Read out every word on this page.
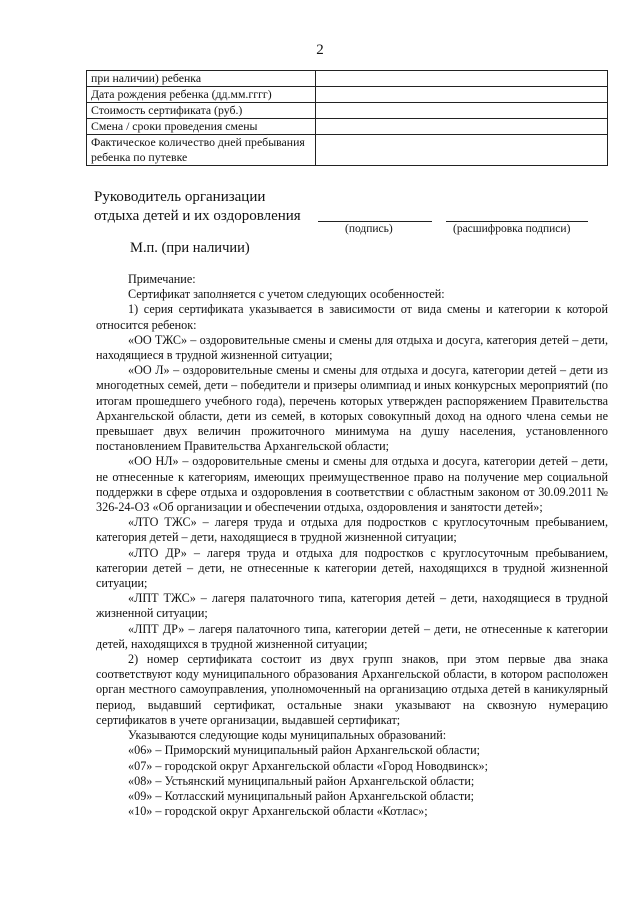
2
при наличии) ребенка	
Дата рождения ребенка (дд.мм.гггг)	
Стоимость сертификата (руб.)	
Смена / сроки проведения смены	
Фактическое количество дней пребывания ребенка по путевке	
Руководитель организации
отдыха детей и их оздоровления
(подпись)	(расшифровка подписи)
М.п. (при наличии)

Примечание:

Сертификат заполняется с учетом следующих особенностей:

1) серия сертификата указывается в зависимости от вида смены и категории к которой относится ребенок:

«ОО ТЖС» – оздоровительные смены и смены для отдыха и досуга, категория детей – дети, находящиеся в трудной жизненной ситуации;

«ОО Л» – оздоровительные смены и смены для отдыха и досуга, категории детей – дети из многодетных семей, дети – победители и призеры олимпиад и иных конкурсных мероприятий (по итогам прошедшего учебного года), перечень которых утвержден распоряжением Правительства Архангельской области, дети из семей, в которых совокупный доход на одного члена семьи не превышает двух величин прожиточного минимума на душу населения, установленного постановлением Правительства Архангельской области;

«ОО НЛ» – оздоровительные смены и смены для отдыха и досуга, категории детей – дети, не отнесенные к категориям, имеющих преимущественное право на получение мер социальной поддержки в сфере отдыха и оздоровления в соответствии с областным законом от 30.09.2011 № 326-24-ОЗ «Об организации и обеспечении отдыха, оздоровления и занятости детей»;

«ЛТО ТЖС» – лагеря труда и отдыха для подростков с круглосуточным пребыванием, категория детей – дети, находящиеся в трудной жизненной ситуации;

«ЛТО ДР» – лагеря труда и отдыха для подростков с круглосуточным пребыванием, категории детей – дети, не отнесенные к категории детей, находящихся в трудной жизненной ситуации;

«ЛПТ ТЖС» – лагеря палаточного типа, категория детей – дети, находящиеся в трудной жизненной ситуации;

«ЛПТ ДР» – лагеря палаточного типа, категории детей – дети, не отнесенные к категории детей, находящихся в трудной жизненной ситуации;

2) номер сертификата состоит из двух групп знаков, при этом первые два знака соответствуют коду муниципального образования Архангельской области, в котором расположен орган местного самоуправления, уполномоченный на организацию отдыха детей в каникулярный период, выдавший сертификат, остальные знаки указывают на сквозную нумерацию сертификатов в учете организации, выдавшей сертификат;

Указываются следующие коды муниципальных образований:

«06» – Приморский муниципальный район Архангельской области;

«07» – городской округ Архангельской области «Город Новодвинск»;

«08» – Устьянский муниципальный район Архангельской области;

«09» – Котласский муниципальный район Архангельской области;

«10» – городской округ Архангельской области «Котлас»;
